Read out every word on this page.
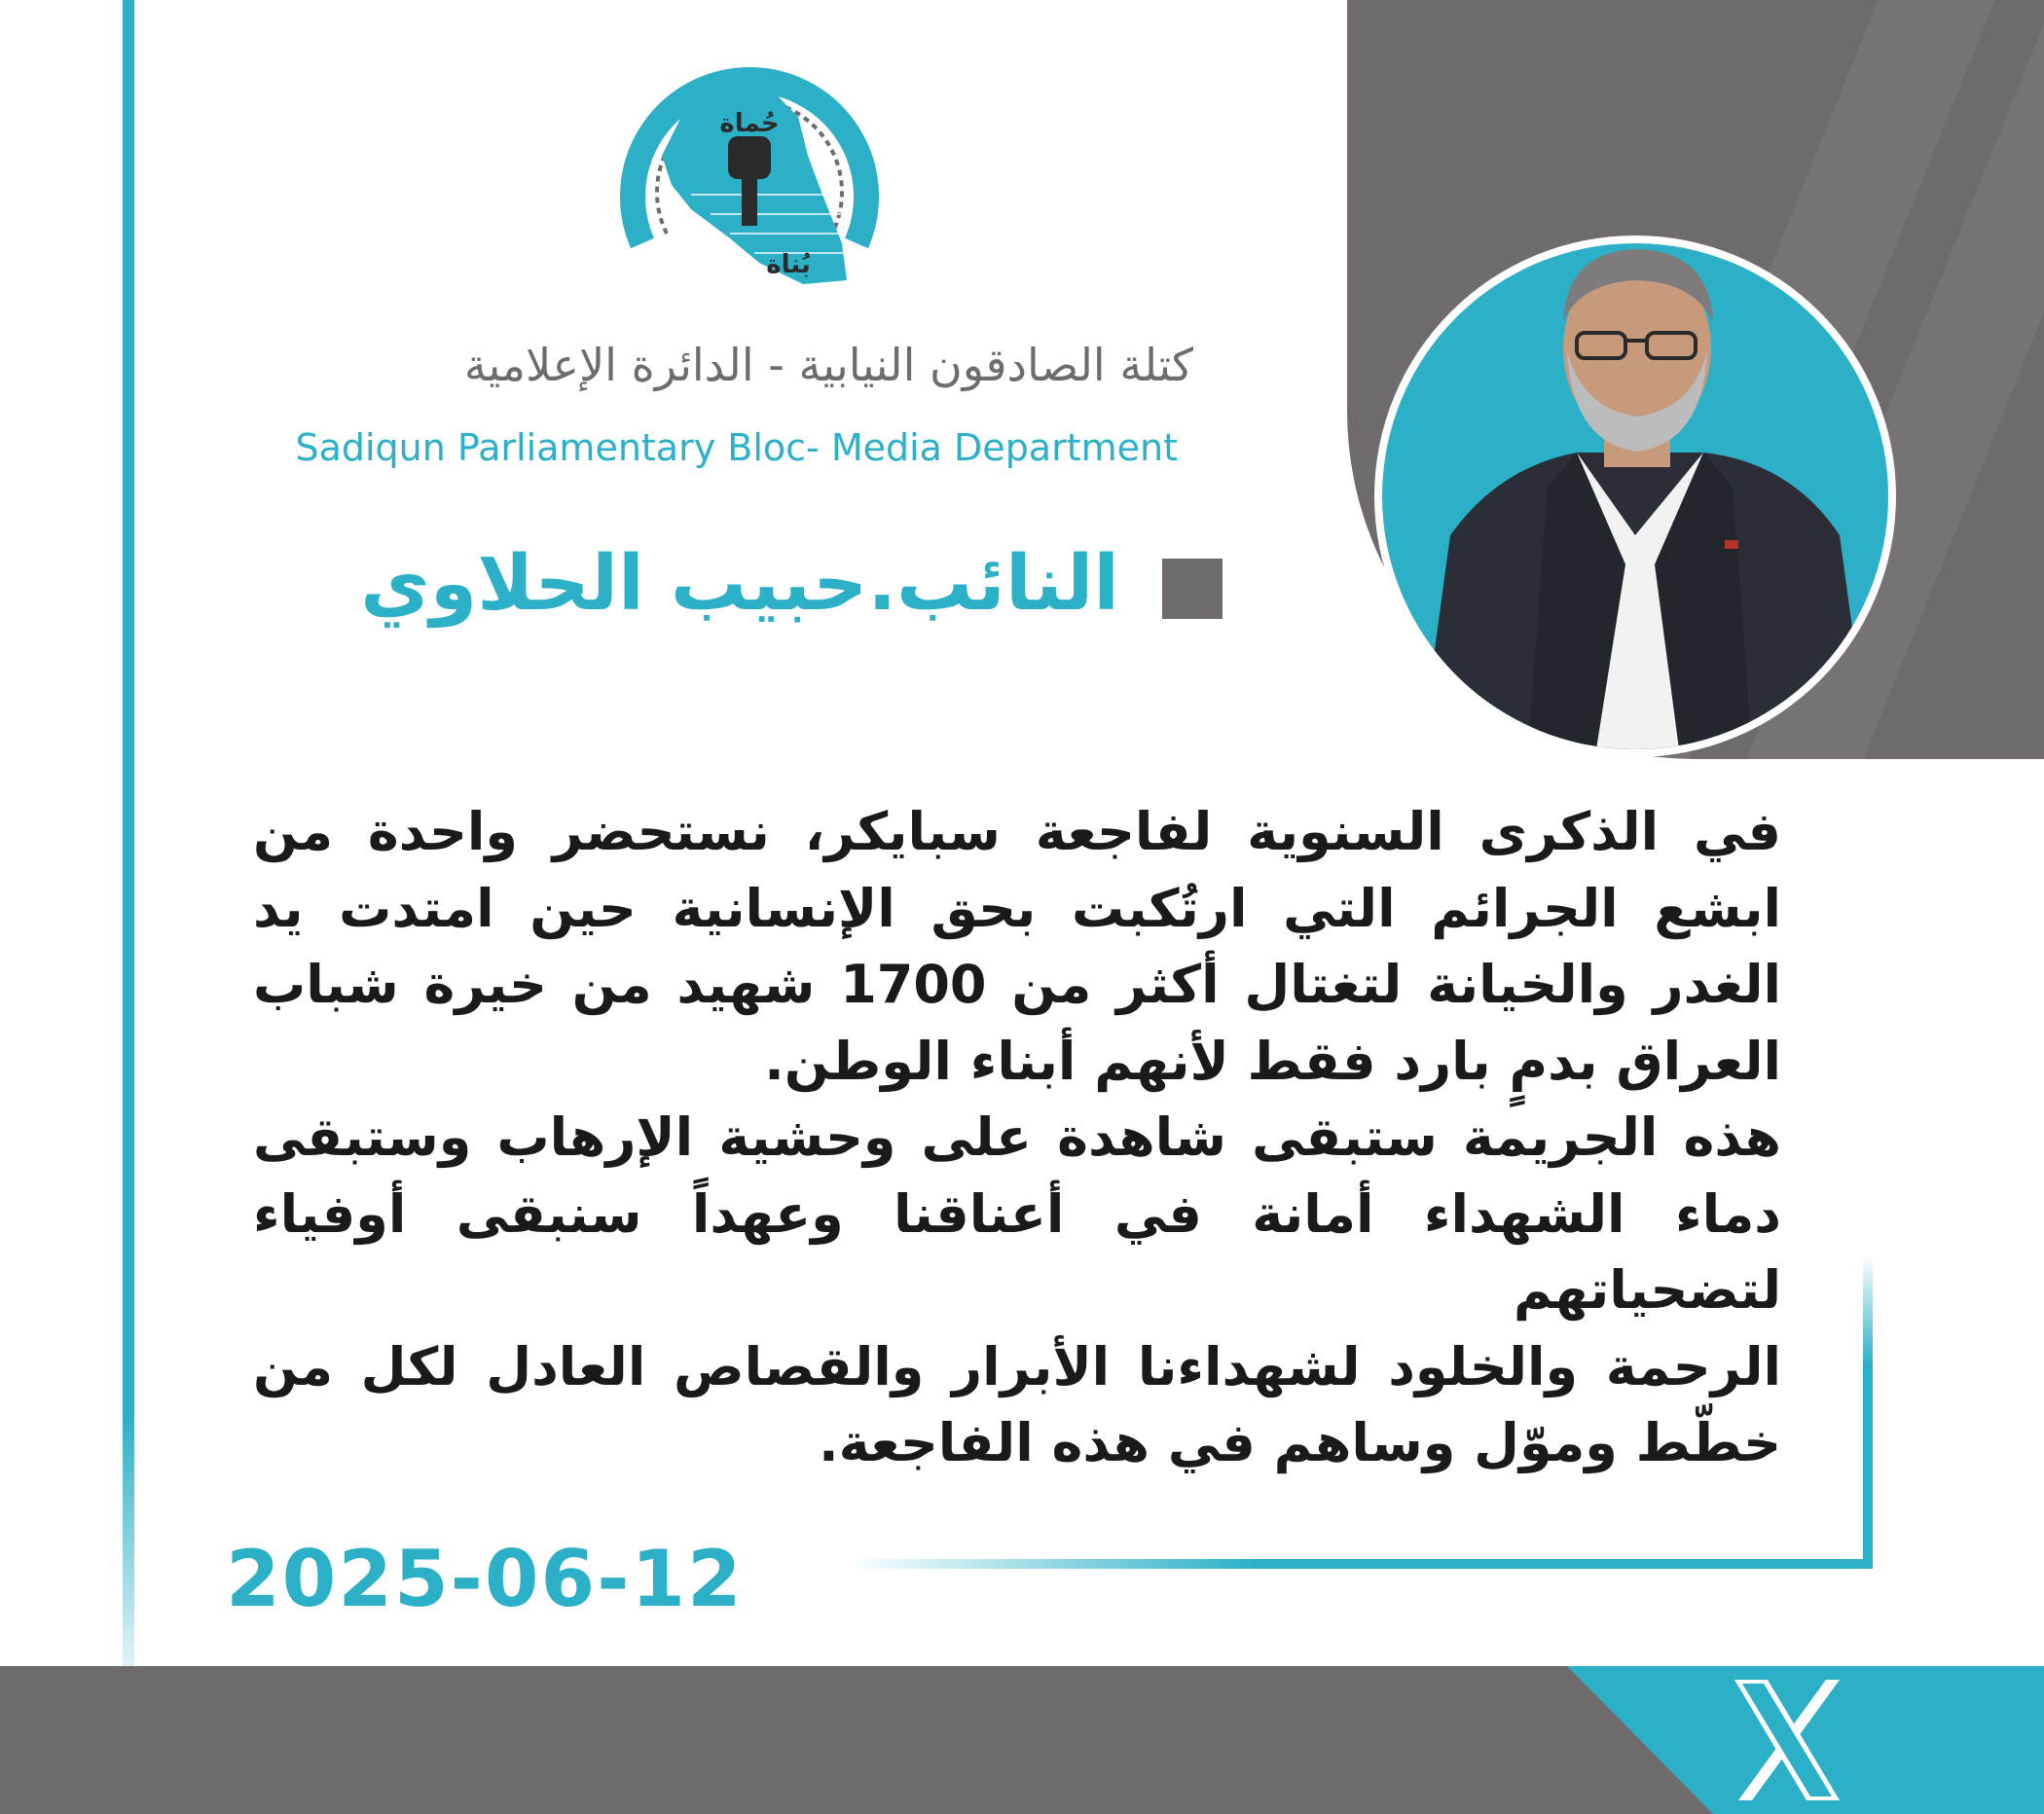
حُماة
بُناة
كتلة الصادقون النيابية - الدائرة الإعلامية
Sadiqun Parliamentary Bloc- Media Department
النائب.حبيب الحلاوي

في الذكرى السنوية لفاجعة سبايكر، نستحضر واحدة من ابشع الجرائم التي ارتُكبت بحق الإنسانية حين امتدت يد الغدر والخيانة لتغتال أكثر من 1700 شهيد من خيرة شباب العراق بدمٍ بارد فقط لأنهم أبناء الوطن.

هذه الجريمة ستبقى شاهدة على وحشية الإرهاب وستبقى دماء الشهداء أمانة في أعناقنا وعهداً سنبقى أوفياء لتضحياتهم

الرحمة والخلود لشهداءنا الأبرار والقصاص العادل لكل من خطّط وموّل وساهم في هذه الفاجعة.

2025-06-12
